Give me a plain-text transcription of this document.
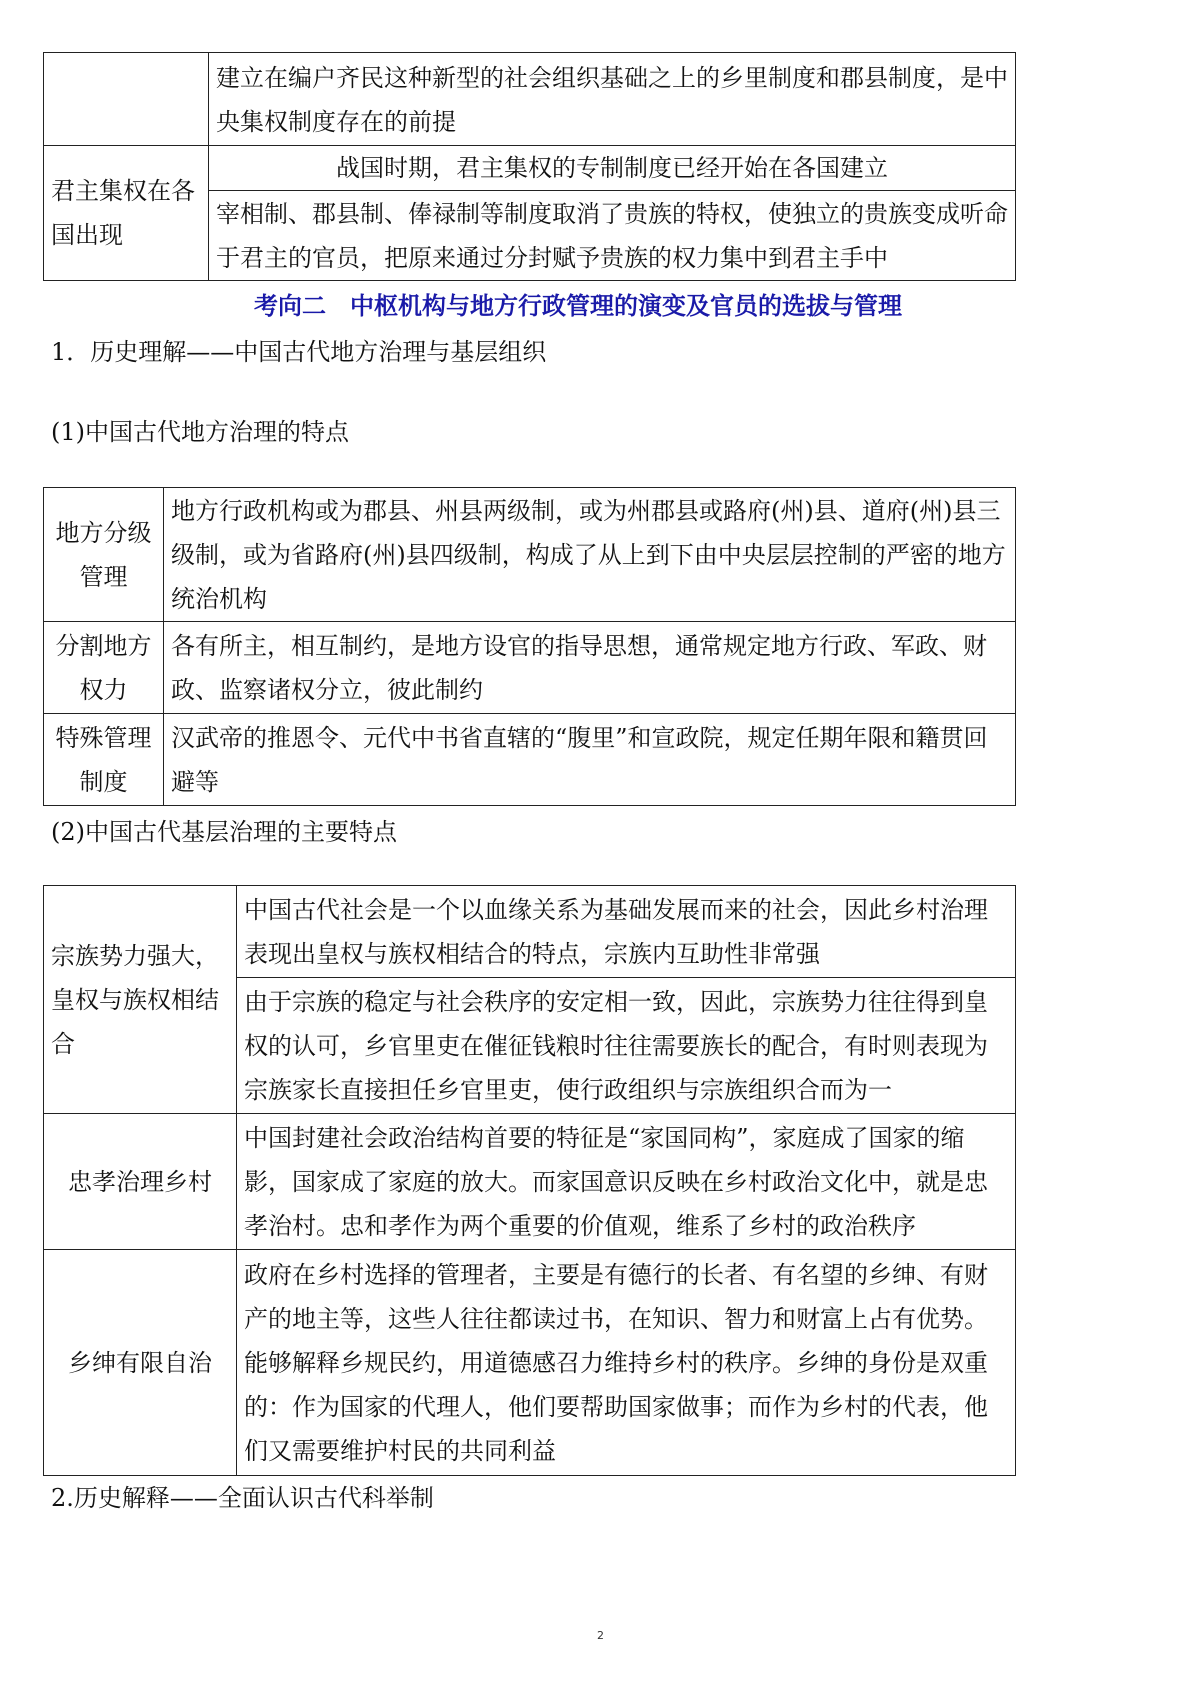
	建立在编户齐民这种新型的社会组织基础之上的乡里制度和郡县制度，是中央集权制度存在的前提
君主集权在各国出现	战国时期，君主集权的专制制度已经开始在各国建立
	宰相制、郡县制、俸禄制等制度取消了贵族的特权，使独立的贵族变成听命于君主的官员，把原来通过分封赋予贵族的权力集中到君主手中
考向二　中枢机构与地方行政管理的演变及官员的选拔与管理
1．历史理解——中国古代地方治理与基层组织
(1)中国古代地方治理的特点
地方分级管理	地方行政机构或为郡县、州县两级制，或为州郡县或路府(州)县、道府(州)县三级制，或为省路府(州)县四级制，构成了从上到下由中央层层控制的严密的地方统治机构
分割地方权力	各有所主，相互制约，是地方设官的指导思想，通常规定地方行政、军政、财政、监察诸权分立，彼此制约
特殊管理制度	汉武帝的推恩令、元代中书省直辖的“腹里”和宣政院，规定任期年限和籍贯回避等
(2)中国古代基层治理的主要特点
宗族势力强大，皇权与族权相结合	中国古代社会是一个以血缘关系为基础发展而来的社会，因此乡村治理表现出皇权与族权相结合的特点，宗族内互助性非常强
	由于宗族的稳定与社会秩序的安定相一致，因此，宗族势力往往得到皇权的认可，乡官里吏在催征钱粮时往往需要族长的配合，有时则表现为宗族家长直接担任乡官里吏，使行政组织与宗族组织合而为一
忠孝治理乡村	中国封建社会政治结构首要的特征是“家国同构”，家庭成了国家的缩影，国家成了家庭的放大。而家国意识反映在乡村政治文化中，就是忠孝治村。忠和孝作为两个重要的价值观，维系了乡村的政治秩序
乡绅有限自治	政府在乡村选择的管理者，主要是有德行的长者、有名望的乡绅、有财产的地主等，这些人往往都读过书，在知识、智力和财富上占有优势。能够解释乡规民约，用道德感召力维持乡村的秩序。乡绅的身份是双重的：作为国家的代理人，他们要帮助国家做事；而作为乡村的代表，他们又需要维护村民的共同利益
2.历史解释——全面认识古代科举制
2
